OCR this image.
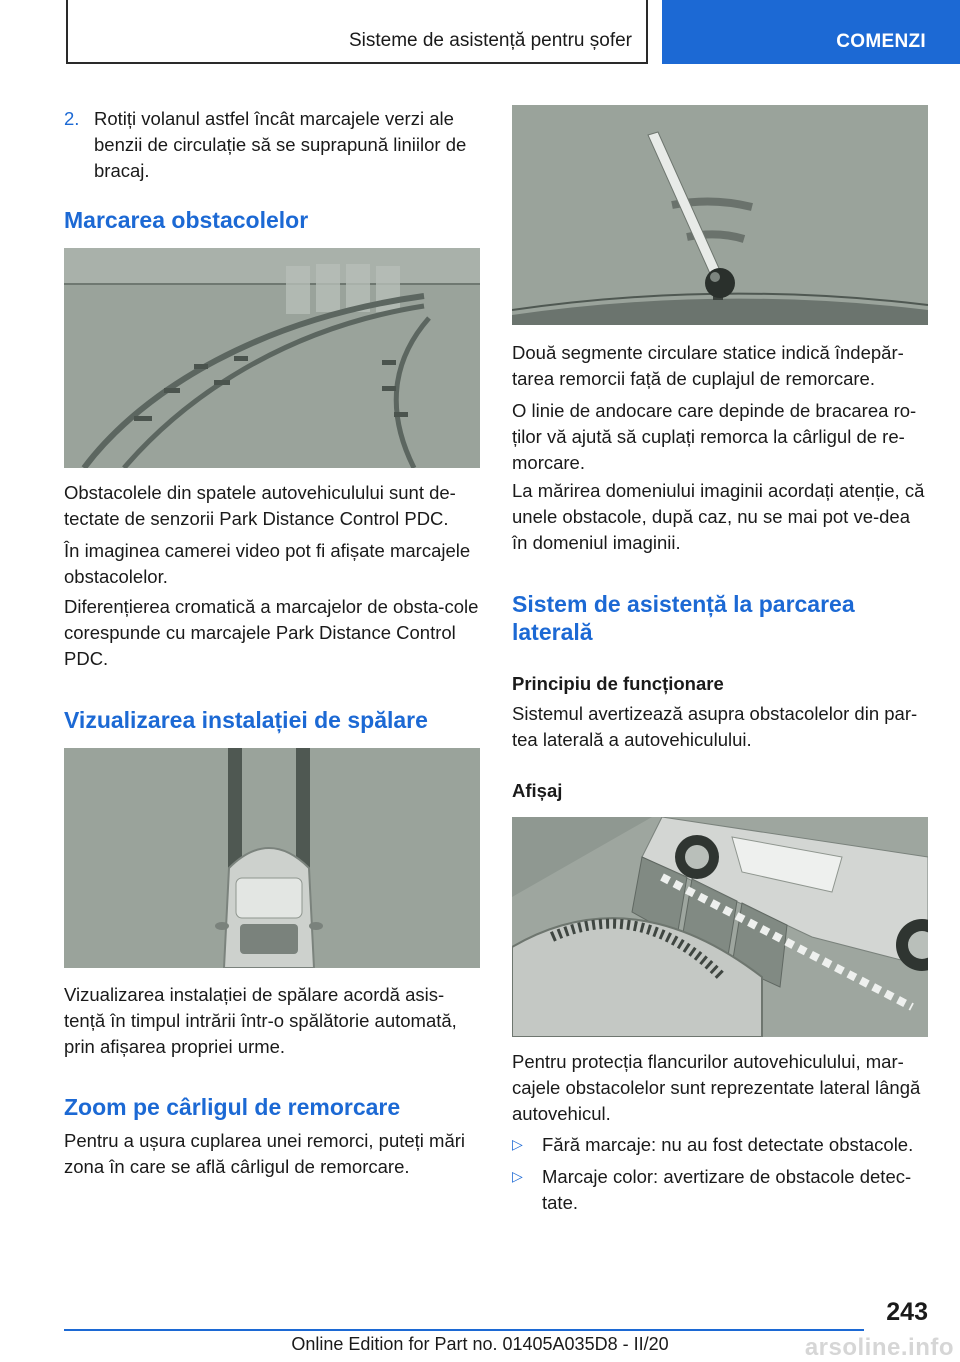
Sisteme de asistență pentru șofer	COMENZI
2. Rotiți volanul astfel încât marcajele verzi ale benzii de circulație să se suprapună liniilor de bracaj.

Marcarea obstacolelor

Obstacolele din spatele autovehiculului sunt de-tectate de senzorii Park Distance Control PDC.

În imaginea camerei video pot fi afișate marcajele obstacolelor.

Diferențierea cromatică a marcajelor de obsta-cole corespunde cu marcajele Park Distance Control PDC.

Vizualizarea instalației de spălare

Vizualizarea instalației de spălare acordă asis-tență în timpul intrării într-o spălătorie automată, prin afișarea propriei urme.

Zoom pe cârligul de remorcare

Pentru a ușura cuplarea unei remorci, puteți mări zona în care se află cârligul de remorcare.

Două segmente circulare statice indică îndepăr-tarea remorcii față de cuplajul de remorcare.

O linie de andocare care depinde de bracarea ro-ților vă ajută să cuplați remorca la cârligul de re-morcare.

La mărirea domeniului imaginii acordați atenție, că unele obstacole, după caz, nu se mai pot ve-dea în domeniul imaginii.

Sistem de asistență la parcarea laterală
Principiu de funcționare

Sistemul avertizează asupra obstacolelor din par-tea laterală a autovehiculului.

Afișaj

Pentru protecția flancurilor autovehiculului, mar-cajele obstacolelor sunt reprezentate lateral lângă autovehicul.

▷ Fără marcaje: nu au fost detectate obstacole.
▷ Marcaje color: avertizare de obstacole detec-tate.
243
Online Edition for Part no. 01405A035D8 - II/20	arsoline.info
